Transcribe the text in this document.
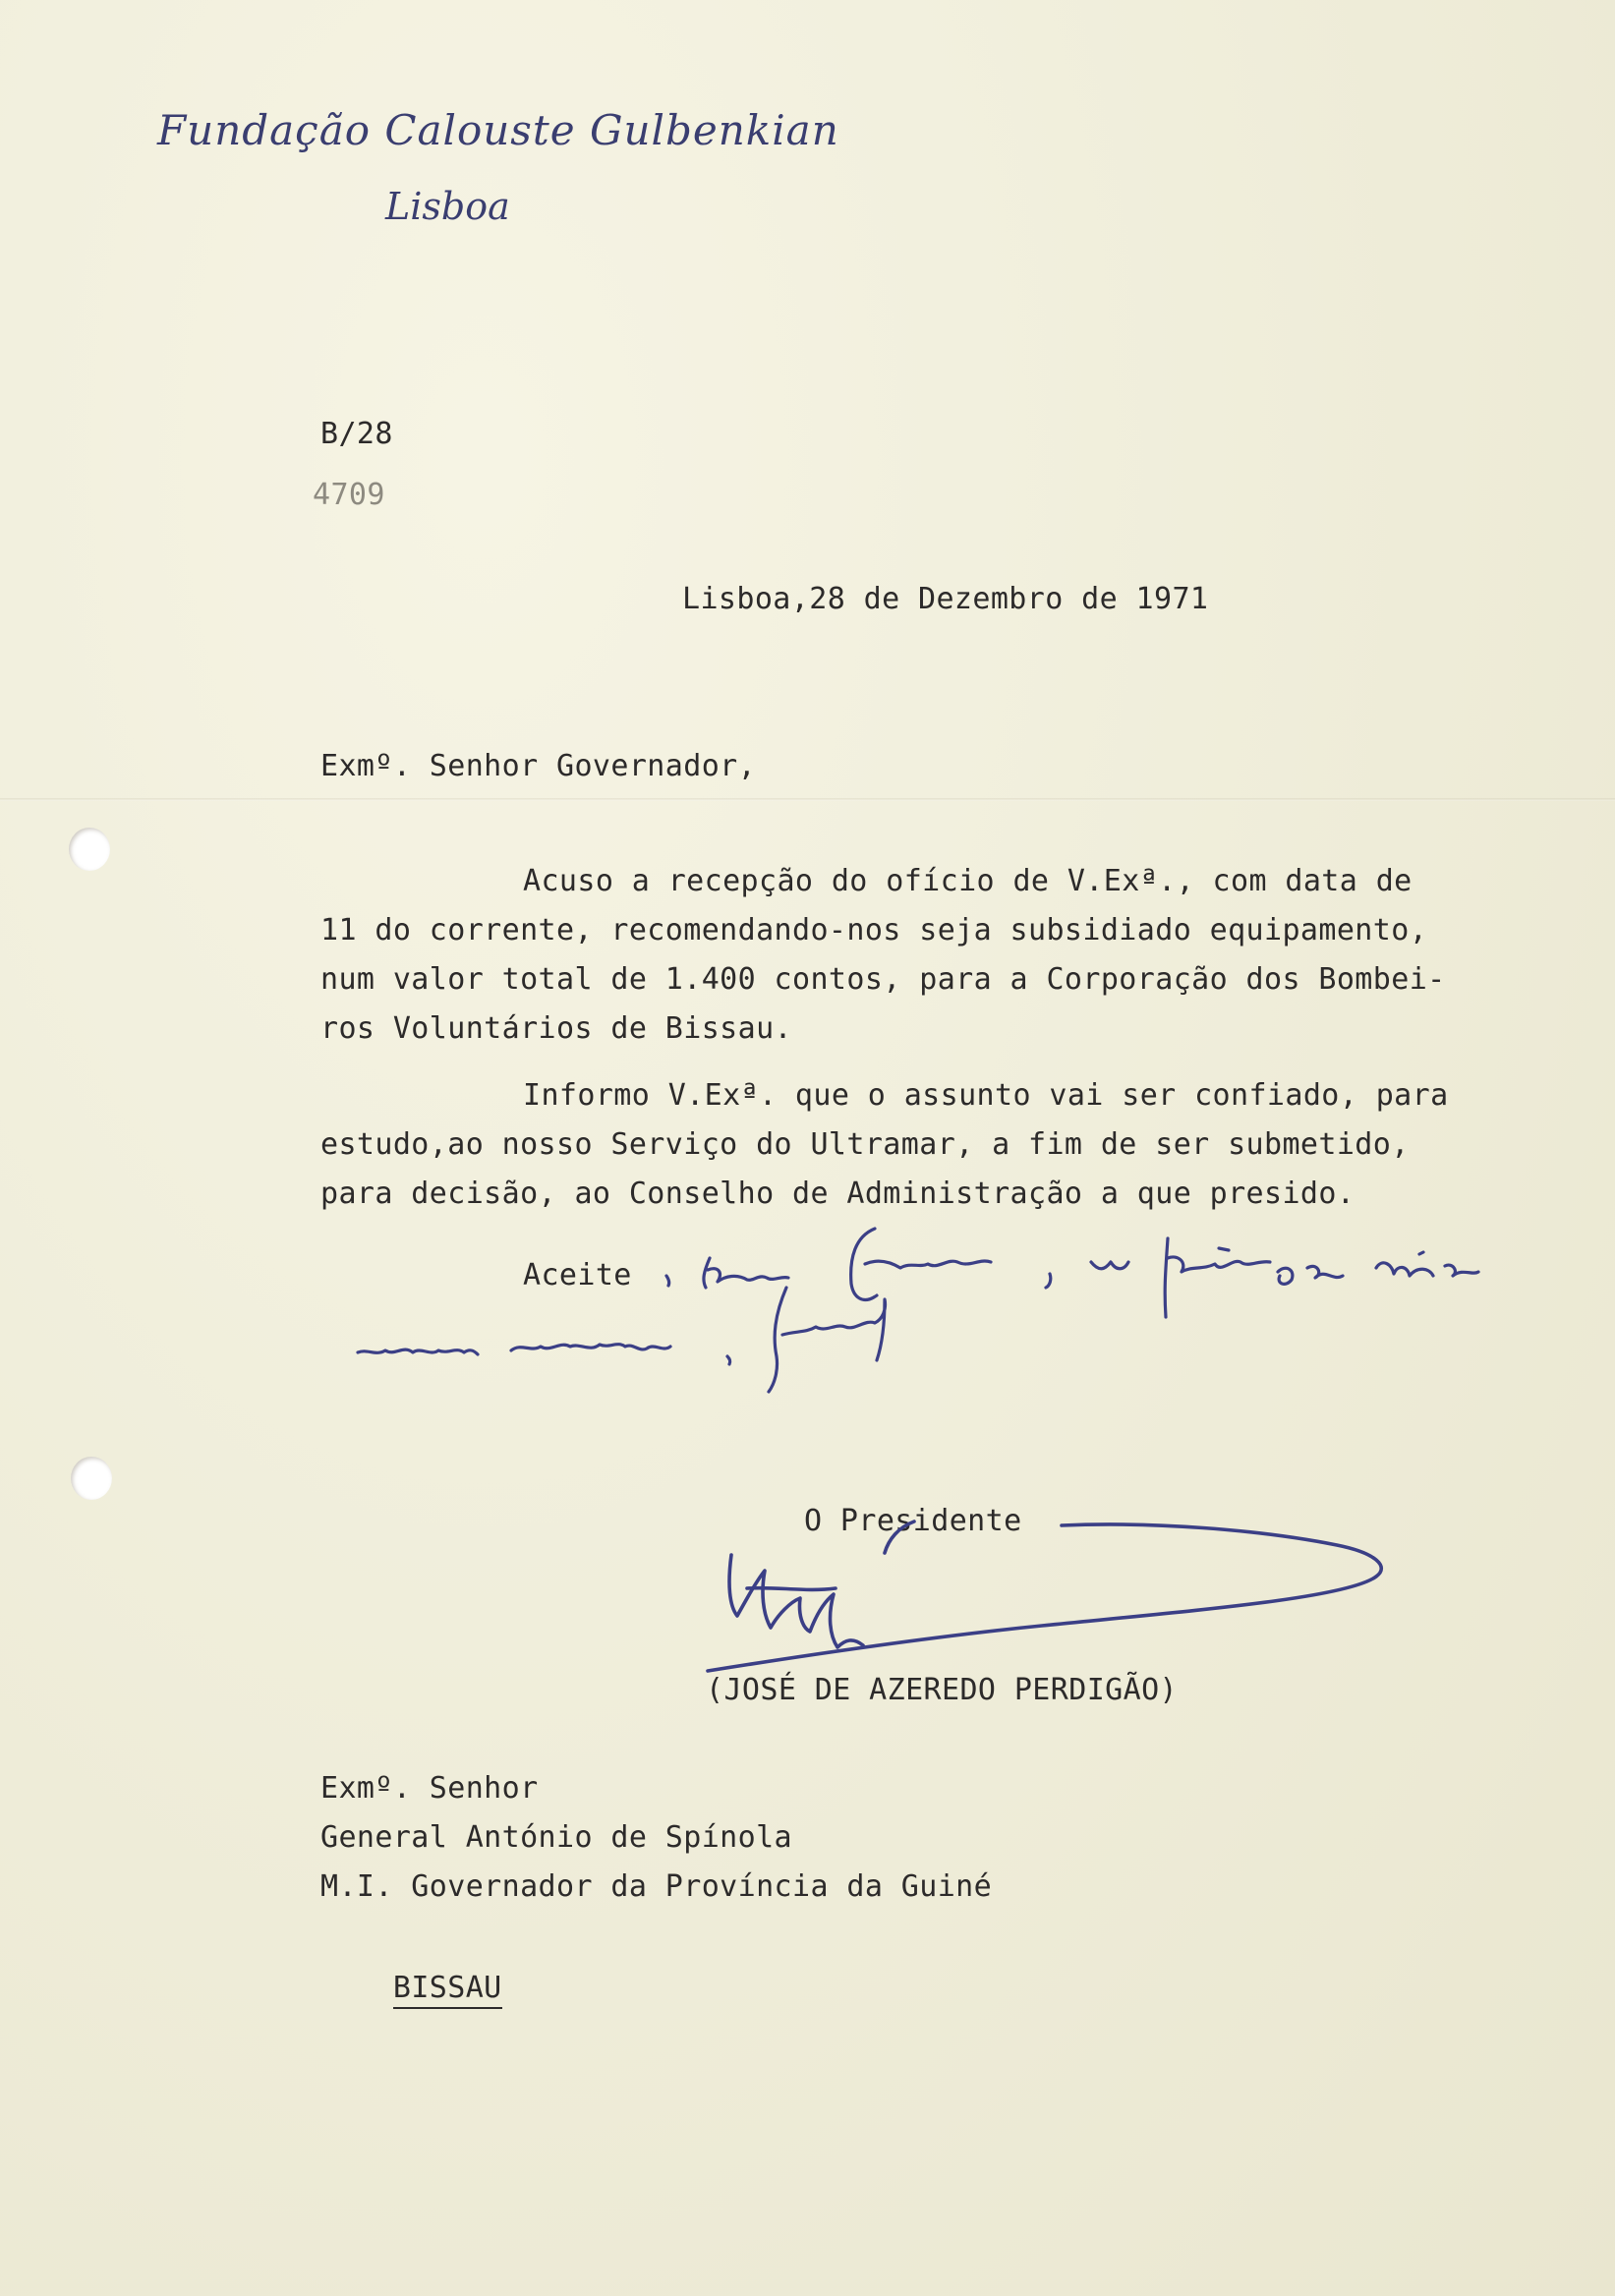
Fundação Calouste Gulbenkian
Lisboa
B/28
4709
Lisboa,28 de Dezembro de 1971
Exmº. Senhor Governador,
Acuso a recepção do ofício de V.Exª., com data de
11 do corrente, recomendando-nos seja subsidiado equipamento,
num valor total de 1.400 contos, para a Corporação dos Bombei-
ros Voluntários de Bissau.
Informo V.Exª. que o assunto vai ser confiado, para
estudo,ao nosso Serviço do Ultramar, a fim de ser submetido,
para decisão, ao Conselho de Administração a que presido.
Aceite
O Presidente
(JOSÉ DE AZEREDO PERDIGÃO)
Exmº. Senhor
General António de Spínola
M.I. Governador da Província da Guiné

BISSAU
